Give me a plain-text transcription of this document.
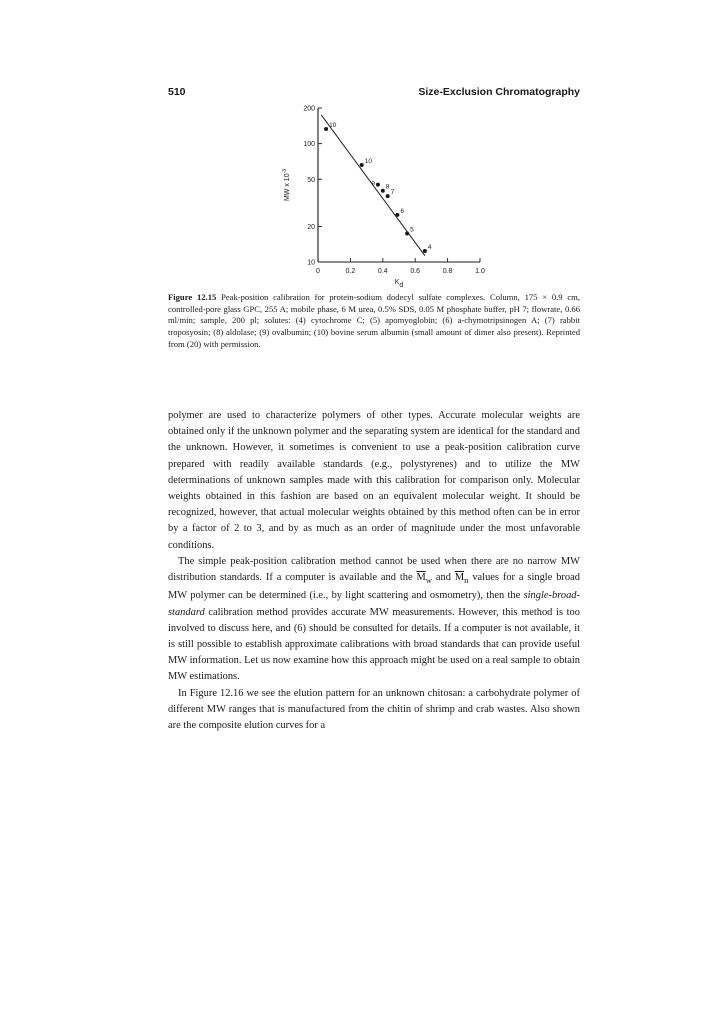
510	Size-Exclusion Chromatography
0	0.2	0.4	0.6	0.8	1.0
10
20
50
100
200
10
10
9 8
7
6
5
4
MW x $10^{-3}$
Kd
Figure 12.15 Peak-position calibration for protein-sodium dodecyl sulfate complexes. Column, 175 × 0.9 cm, controlled-pore glass GPC, 255 A; mobile phase, 6 M urea, 0.5% SDS, 0.05 M phosphate buffer, pH 7; flowrate, 0.66 ml/min; sample, 200 pl; solutes: (4) cytochrome C; (5) apomyoglobin; (6) a-chymotripsinogen A; (7) rabbit troposyosin; (8) aldolase; (9) ovalbumin; (10) bovine serum albumin (small amount of dimer also present). Reprinted from (20) with permission.

polymer are used to characterize polymers of other types. Accurate molecular weights are obtained only if the unknown polymer and the separating system are identical for the standard and the unknown. However, it sometimes is convenient to use a peak-position calibration curve prepared with readily available standards (e.g., polystyrenes) and to utilize the MW determinations of unknown samples made with this calibration for comparison only. Molecular weights obtained in this fashion are based on an equivalent molecular weight. It should be recognized, however, that actual molecular weights obtained by this method often can be in error by a factor of 2 to 3, and by as much as an order of magnitude under the most unfavorable conditions.

The simple peak-position calibration method cannot be used when there are no narrow MW distribution standards. If a computer is available and the $\overline{M}_w$ and $\overline{M}_n$ values for a single broad MW polymer can be determined (i.e., by light scattering and osmometry), then the single-broad-standard calibration method provides accurate MW measurements. However, this method is too involved to discuss here, and (6) should be consulted for details. If a computer is not available, it is still possible to establish approximate calibrations with broad standards that can provide useful MW information. Let us now examine how this approach might be used on a real sample to obtain MW estimations.

In Figure 12.16 we see the elution pattern for an unknown chitosan: a carbohydrate polymer of different MW ranges that is manufactured from the chitin of shrimp and crab wastes. Also shown are the composite elution curves for a
